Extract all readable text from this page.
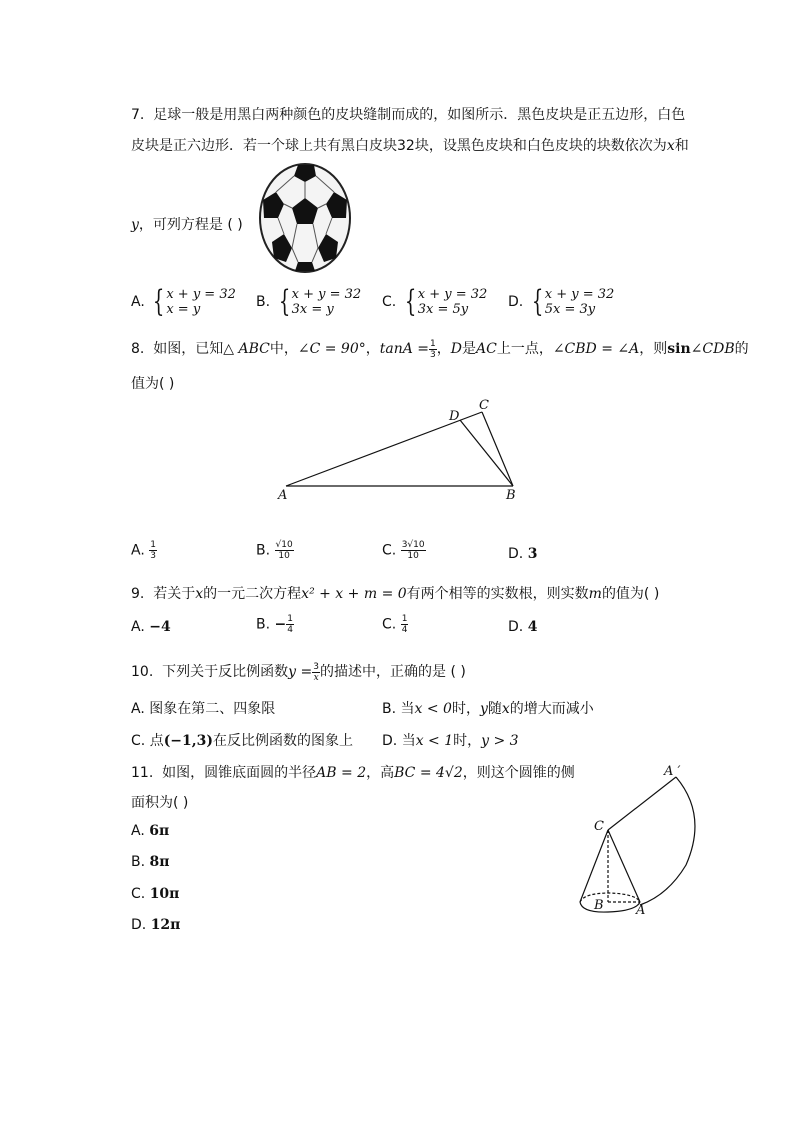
7. 足球一般是用黑白两种颜色的皮块缝制而成的，如图所示．黑色皮块是正五边形，白色
皮块是正六边形．若一个球上共有黑白皮块32块，设黑色皮块和白色皮块的块数依次为x和
y，可列方程是 ( )
A. { x + y = 32
x = y	B. { x + y = 32
3x = y	C. { x + y = 32
3x = 5y	D. { x + y = 32
5x = 3y
8. 如图，已知△ ABC中，∠C = 90°，$\tan A = \frac{1}{3}$ ，D是AC上一点，∠CBD = ∠A，则sin∠CDB的
值为( )
A	B
C
D
A. $\frac{1}{3}$	B. $\frac{√10}{10}$	C. $\frac{3√10}{10}$	D. 3
9. 若关于x的一元二次方程x² + x + m = 0有两个相等的实数根，则实数m的值为( )
A. −4	B. − $\frac{1}{4}$	C. $\frac{1}{4}$	D. 4
10. 下列关于反比例函数$y = \frac{3}{x}$ 的描述中，正确的是 ( )
A. 图象在第二、四象限	B. 当x < 0时，y随x的增大而减小
C. 点(−1,3)在反比例函数的图象上 D. 当x < 1时，y > 3
11. 如图，圆锥底面圆的半径AB = 2，高BC = 4√2，则这个圆锥的侧
面积为( )
A. 6π
B. 8π
C. 10π
D. 12π
A ′
C
B A
